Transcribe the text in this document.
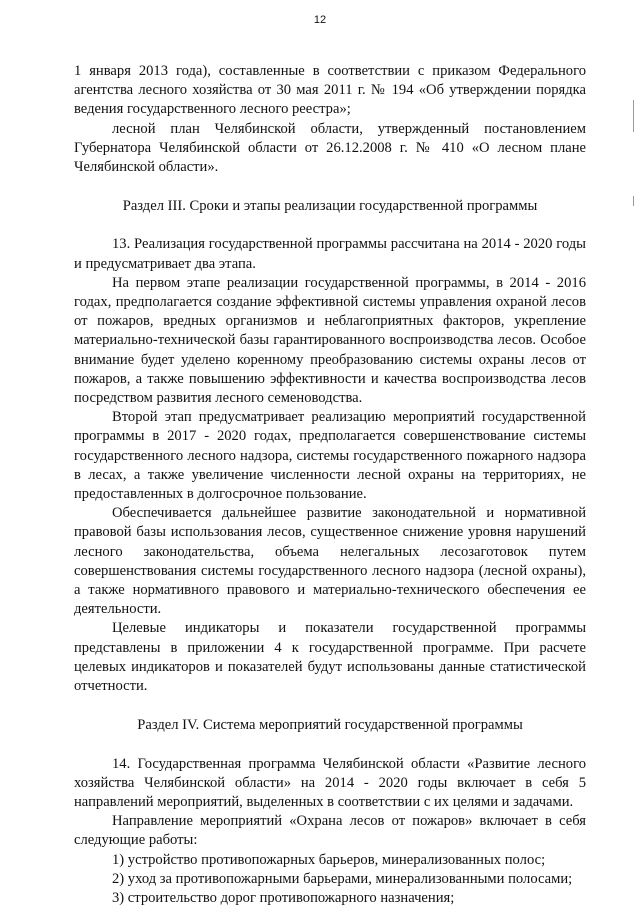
12

1 января 2013 года), составленные в соответствии с приказом Федерального агентства лесного хозяйства от 30 мая 2011 г. № 194 «Об утверждении порядка ведения государственного лесного реестра»;

лесной план Челябинской области, утвержденный постановлением Губернатора Челябинской области от 26.12.2008 г. № 410 «О лесном плане Челябинской области».

Раздел III. Сроки и этапы реализации государственной программы

13. Реализация государственной программы рассчитана на 2014 - 2020 годы и предусматривает два этапа.

На первом этапе реализации государственной программы, в 2014 - 2016 годах, предполагается создание эффективной системы управления охраной лесов от пожаров, вредных организмов и неблагоприятных факторов, укрепление материально-технической базы гарантированного воспроизводства лесов. Особое внимание будет уделено коренному преобразованию системы охраны лесов от пожаров, а также повышению эффективности и качества воспроизводства лесов посредством развития лесного семеноводства.

Второй этап предусматривает реализацию мероприятий государственной программы в 2017 - 2020 годах, предполагается совершенствование системы государственного лесного надзора, системы государственного пожарного надзора в лесах, а также увеличение численности лесной охраны на территориях, не предоставленных в долгосрочное пользование.

Обеспечивается дальнейшее развитие законодательной и нормативной правовой базы использования лесов, существенное снижение уровня нарушений лесного законодательства, объема нелегальных лесозаготовок путем совершенствования системы государственного лесного надзора (лесной охраны), а также нормативного правового и материально-технического обеспечения ее деятельности.

Целевые индикаторы и показатели государственной программы представлены в приложении 4 к государственной программе. При расчете целевых индикаторов и показателей будут использованы данные статистической отчетности.

Раздел IV. Система мероприятий государственной программы

14. Государственная программа Челябинской области «Развитие лесного хозяйства Челябинской области» на 2014 - 2020 годы включает в себя 5 направлений мероприятий, выделенных в соответствии с их целями и задачами.

Направление мероприятий «Охрана лесов от пожаров» включает в себя следующие работы:

1) устройство противопожарных барьеров, минерализованных полос;

2) уход за противопожарными барьерами, минерализованными полосами;

3) строительство дорог противопожарного назначения;
